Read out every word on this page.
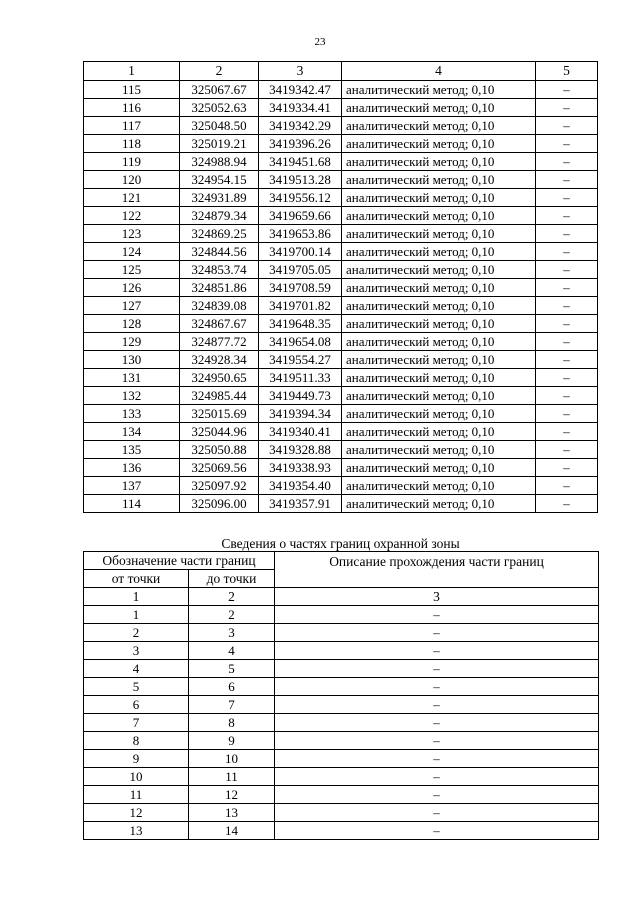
23
1	2	3	4	5
115	325067.67	3419342.47	аналитический метод; 0,10	–
116	325052.63	3419334.41	аналитический метод; 0,10	–
117	325048.50	3419342.29	аналитический метод; 0,10	–
118	325019.21	3419396.26	аналитический метод; 0,10	–
119	324988.94	3419451.68	аналитический метод; 0,10	–
120	324954.15	3419513.28	аналитический метод; 0,10	–
121	324931.89	3419556.12	аналитический метод; 0,10	–
122	324879.34	3419659.66	аналитический метод; 0,10	–
123	324869.25	3419653.86	аналитический метод; 0,10	–
124	324844.56	3419700.14	аналитический метод; 0,10	–
125	324853.74	3419705.05	аналитический метод; 0,10	–
126	324851.86	3419708.59	аналитический метод; 0,10	–
127	324839.08	3419701.82	аналитический метод; 0,10	–
128	324867.67	3419648.35	аналитический метод; 0,10	–
129	324877.72	3419654.08	аналитический метод; 0,10	–
130	324928.34	3419554.27	аналитический метод; 0,10	–
131	324950.65	3419511.33	аналитический метод; 0,10	–
132	324985.44	3419449.73	аналитический метод; 0,10	–
133	325015.69	3419394.34	аналитический метод; 0,10	–
134	325044.96	3419340.41	аналитический метод; 0,10	–
135	325050.88	3419328.88	аналитический метод; 0,10	–
136	325069.56	3419338.93	аналитический метод; 0,10	–
137	325097.92	3419354.40	аналитический метод; 0,10	–
114	325096.00	3419357.91	аналитический метод; 0,10	–
Сведения о частях границ охранной зоны
Обозначение части границ		Описание прохождения части границ
от точки	до точки	
1	2	3
1	2	–
2	3	–
3	4	–
4	5	–
5	6	–
6	7	–
7	8	–
8	9	–
9	10	–
10	11	–
11	12	–
12	13	–
13	14	–
